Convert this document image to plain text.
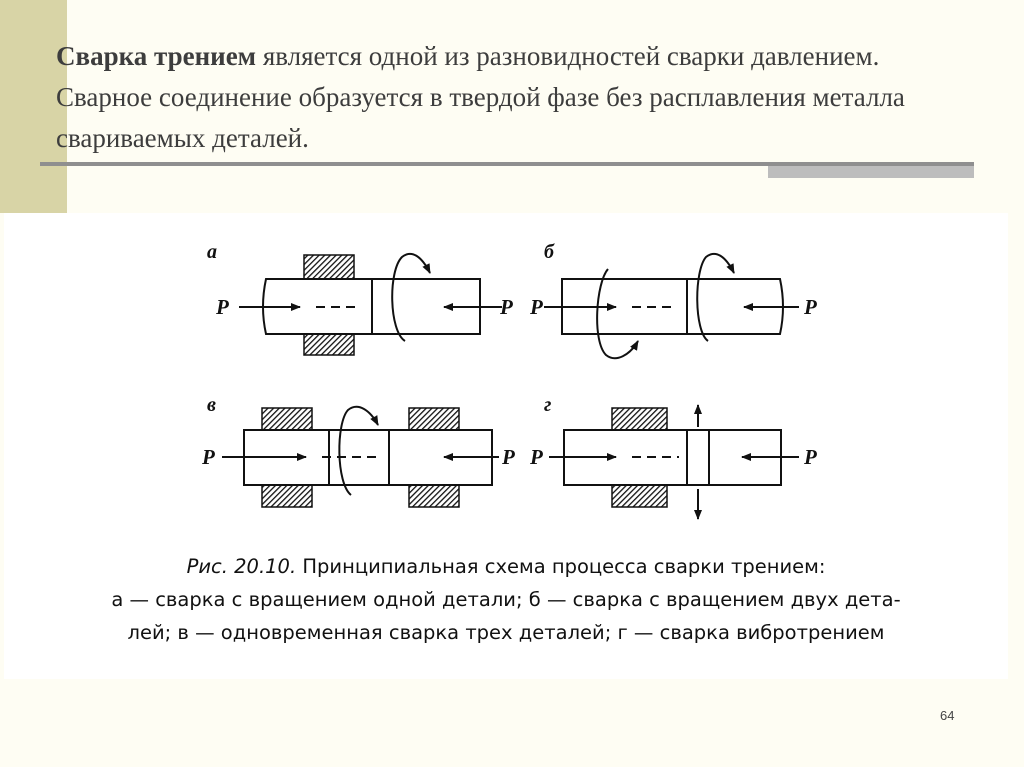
Сварка трением является одной из разновидностей сварки давлением. Сварное соединение образуется в твердой фазе без расплавления металла свариваемых деталей.
а
P	P
б
P	P
в
P	P
г
P	P
Рис. 20.10. Принципиальная схема процесса сварки трением:
а — сварка с вращением одной детали; б — сварка с вращением двух дета-
лей; в — одновременная сварка трех деталей; г — сварка вибротрением
64
